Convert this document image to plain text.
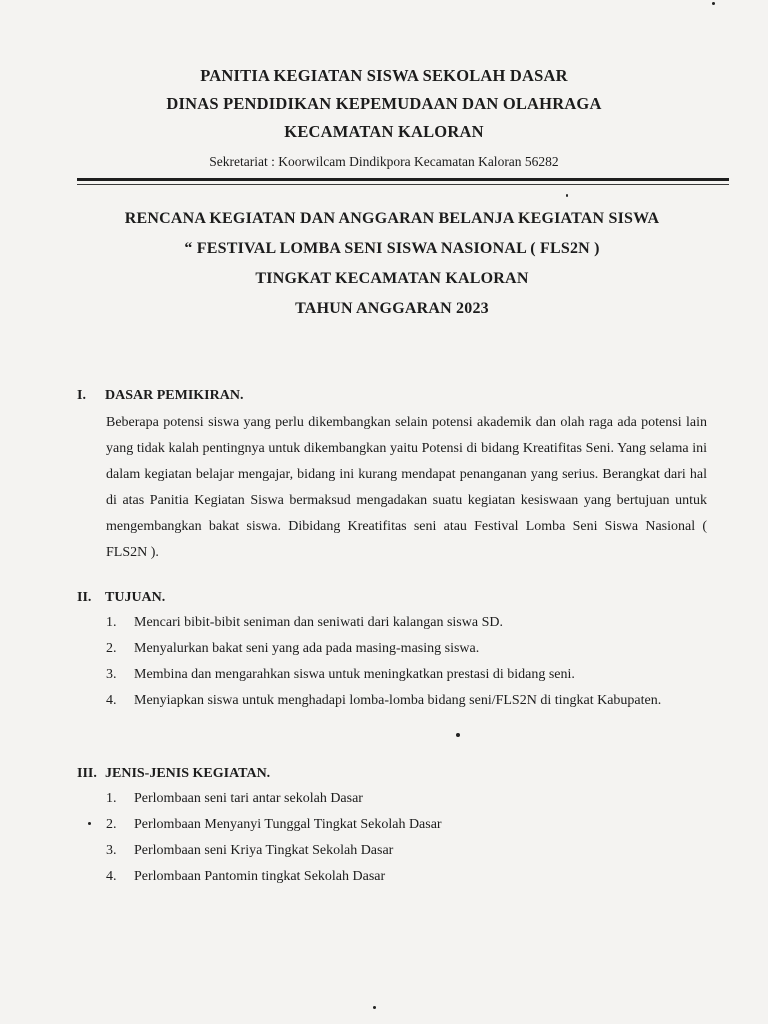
PANITIA KEGIATAN SISWA SEKOLAH DASAR
DINAS PENDIDIKAN KEPEMUDAAN DAN OLAHRAGA
KECAMATAN KALORAN
Sekretariat : Koorwilcam Dindikpora Kecamatan Kaloran 56282
RENCANA KEGIATAN DAN ANGGARAN BELANJA KEGIATAN SISWA
“ FESTIVAL LOMBA SENI SISWA NASIONAL ( FLS2N )
TINGKAT KECAMATAN KALORAN
TAHUN ANGGARAN 2023
I.	DASAR PEMIKIRAN.
Beberapa potensi siswa yang perlu dikembangkan selain potensi akademik dan olah raga ada potensi lain yang tidak kalah pentingnya untuk dikembangkan yaitu Potensi di bidang Kreatifitas Seni. Yang selama ini dalam kegiatan belajar mengajar, bidang ini kurang mendapat penanganan yang serius. Berangkat dari hal di atas Panitia Kegiatan Siswa bermaksud mengadakan suatu kegiatan kesiswaan yang bertujuan untuk mengembangkan bakat siswa. Dibidang Kreatifitas seni atau Festival Lomba Seni Siswa Nasional ( FLS2N ).
II. TUJUAN.
1.	Mencari bibit-bibit seniman dan seniwati dari kalangan siswa SD.
2.	Menyalurkan bakat seni yang ada pada masing-masing siswa.
3.	Membina dan mengarahkan siswa untuk meningkatkan prestasi di bidang seni.
4.	Menyiapkan siswa untuk menghadapi lomba-lomba bidang seni/FLS2N di tingkat Kabupaten.
III. JENIS-JENIS KEGIATAN.
1.	Perlombaan seni tari antar sekolah Dasar
2.	Perlombaan Menyanyi Tunggal Tingkat Sekolah Dasar
3.	Perlombaan seni Kriya Tingkat Sekolah Dasar
4.	Perlombaan Pantomin tingkat Sekolah Dasar
